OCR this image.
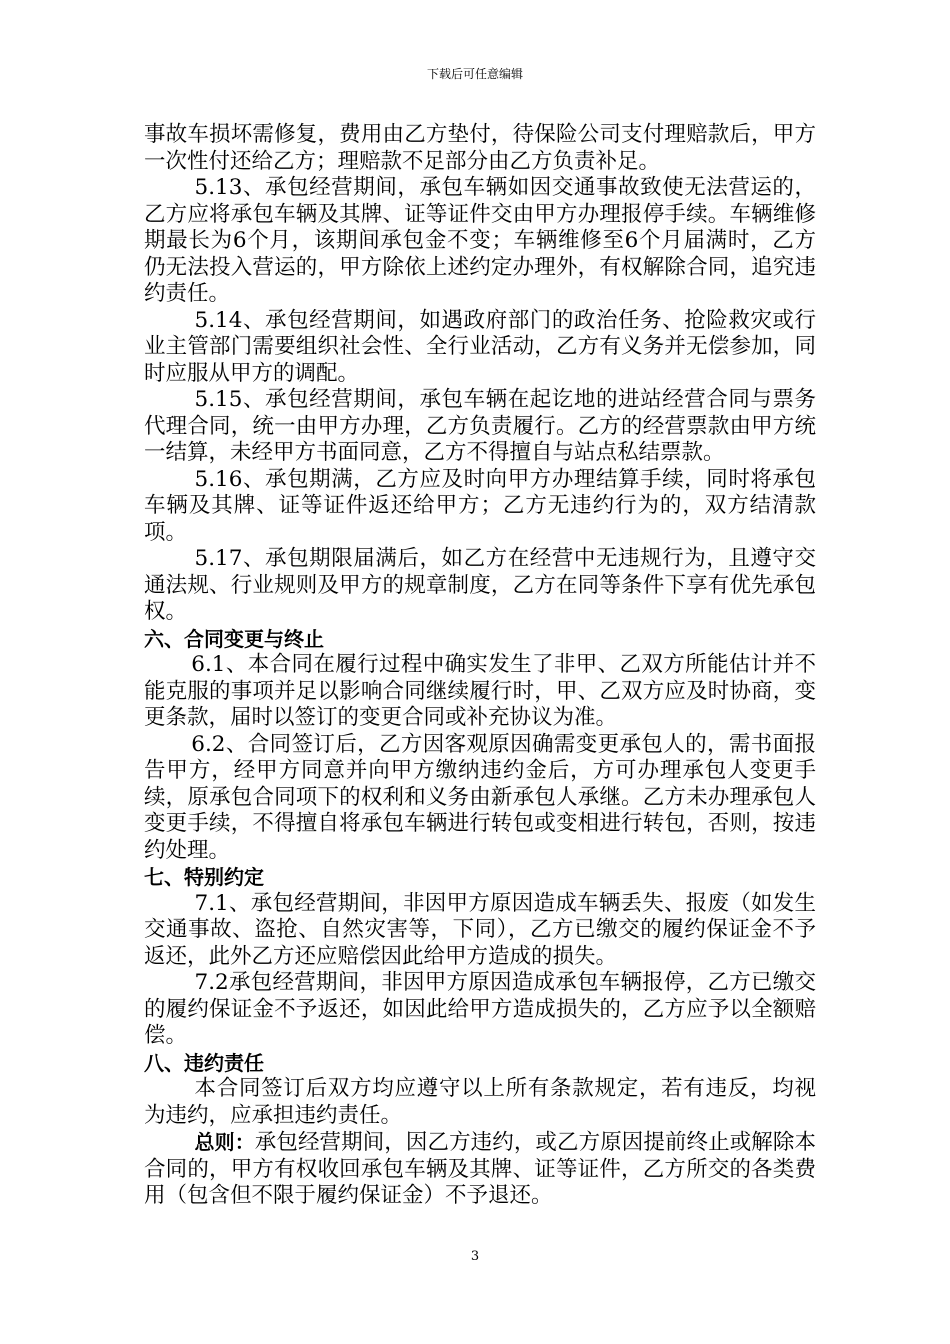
下载后可任意编辑

事故车损坏需修复，费用由乙方垫付，待保险公司支付理赔款后，甲方一次性付还给乙方；理赔款不足部分由乙方负责补足。

5.13、承包经营期间，承包车辆如因交通事故致使无法营运的，乙方应将承包车辆及其牌、证等证件交由甲方办理报停手续。车辆维修期最长为6个月，该期间承包金不变；车辆维修至6个月届满时，乙方仍无法投入营运的，甲方除依上述约定办理外，有权解除合同，追究违约责任。

5.14、承包经营期间，如遇政府部门的政治任务、抢险救灾或行业主管部门需要组织社会性、全行业活动，乙方有义务并无偿参加，同时应服从甲方的调配。

5.15、承包经营期间，承包车辆在起讫地的进站经营合同与票务代理合同，统一由甲方办理，乙方负责履行。乙方的经营票款由甲方统一结算，未经甲方书面同意，乙方不得擅自与站点私结票款。

5.16、承包期满，乙方应及时向甲方办理结算手续，同时将承包车辆及其牌、证等证件返还给甲方；乙方无违约行为的，双方结清款项。

5.17、承包期限届满后，如乙方在经营中无违规行为，且遵守交通法规、行业规则及甲方的规章制度，乙方在同等条件下享有优先承包权。

六、合同变更与终止

6.1、本合同在履行过程中确实发生了非甲、乙双方所能估计并不能克服的事项并足以影响合同继续履行时，甲、乙双方应及时协商，变更条款，届时以签订的变更合同或补充协议为准。

6.2、合同签订后，乙方因客观原因确需变更承包人的，需书面报告甲方，经甲方同意并向甲方缴纳违约金后，方可办理承包人变更手续，原承包合同项下的权利和义务由新承包人承继。乙方未办理承包人变更手续，不得擅自将承包车辆进行转包或变相进行转包，否则，按违约处理。

七、特别约定

7.1、承包经营期间，非因甲方原因造成车辆丢失、报废（如发生交通事故、盗抢、自然灾害等，下同），乙方已缴交的履约保证金不予返还，此外乙方还应赔偿因此给甲方造成的损失。

7.2承包经营期间，非因甲方原因造成承包车辆报停，乙方已缴交的履约保证金不予返还，如因此给甲方造成损失的，乙方应予以全额赔偿。

八、违约责任

本合同签订后双方均应遵守以上所有条款规定，若有违反，均视为违约，应承担违约责任。

总则：承包经营期间，因乙方违约，或乙方原因提前终止或解除本合同的，甲方有权收回承包车辆及其牌、证等证件，乙方所交的各类费用（包含但不限于履约保证金）不予退还。

3
